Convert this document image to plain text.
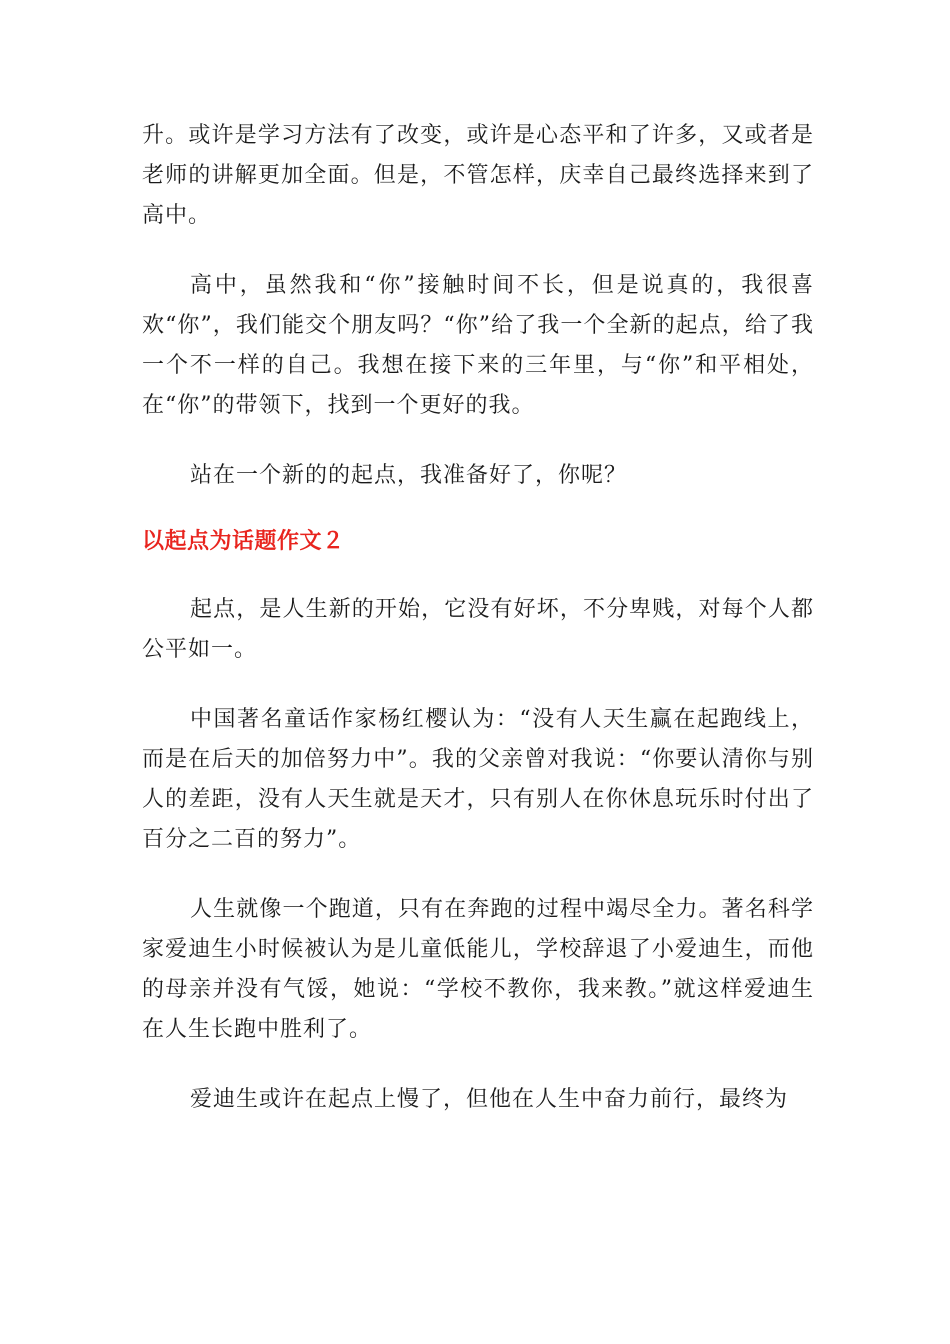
升。或许是学习方法有了改变，或许是心态平和了许多，又或者是老师的讲解更加全面。但是，不管怎样，庆幸自己最终选择来到了高中。

高中，虽然我和“你”接触时间不长，但是说真的，我很喜欢“你”，我们能交个朋友吗？“你”给了我一个全新的起点，给了我一个不一样的自己。我想在接下来的三年里，与“你”和平相处，在“你”的带领下，找到一个更好的我。

站在一个新的的起点，我准备好了，你呢？

以起点为话题作文２

起点，是人生新的开始，它没有好坏，不分卑贱，对每个人都公平如一。

中国著名童话作家杨红樱认为：“没有人天生赢在起跑线上，而是在后天的加倍努力中”。我的父亲曾对我说：“你要认清你与别人的差距，没有人天生就是天才，只有别人在你休息玩乐时付出了百分之二百的努力”。

人生就像一个跑道，只有在奔跑的过程中竭尽全力。著名科学家爱迪生小时候被认为是儿童低能儿，学校辞退了小爱迪生，而他的母亲并没有气馁，她说：“学校不教你，我来教。”就这样爱迪生在人生长跑中胜利了。

爱迪生或许在起点上慢了，但他在人生中奋力前行，最终为
